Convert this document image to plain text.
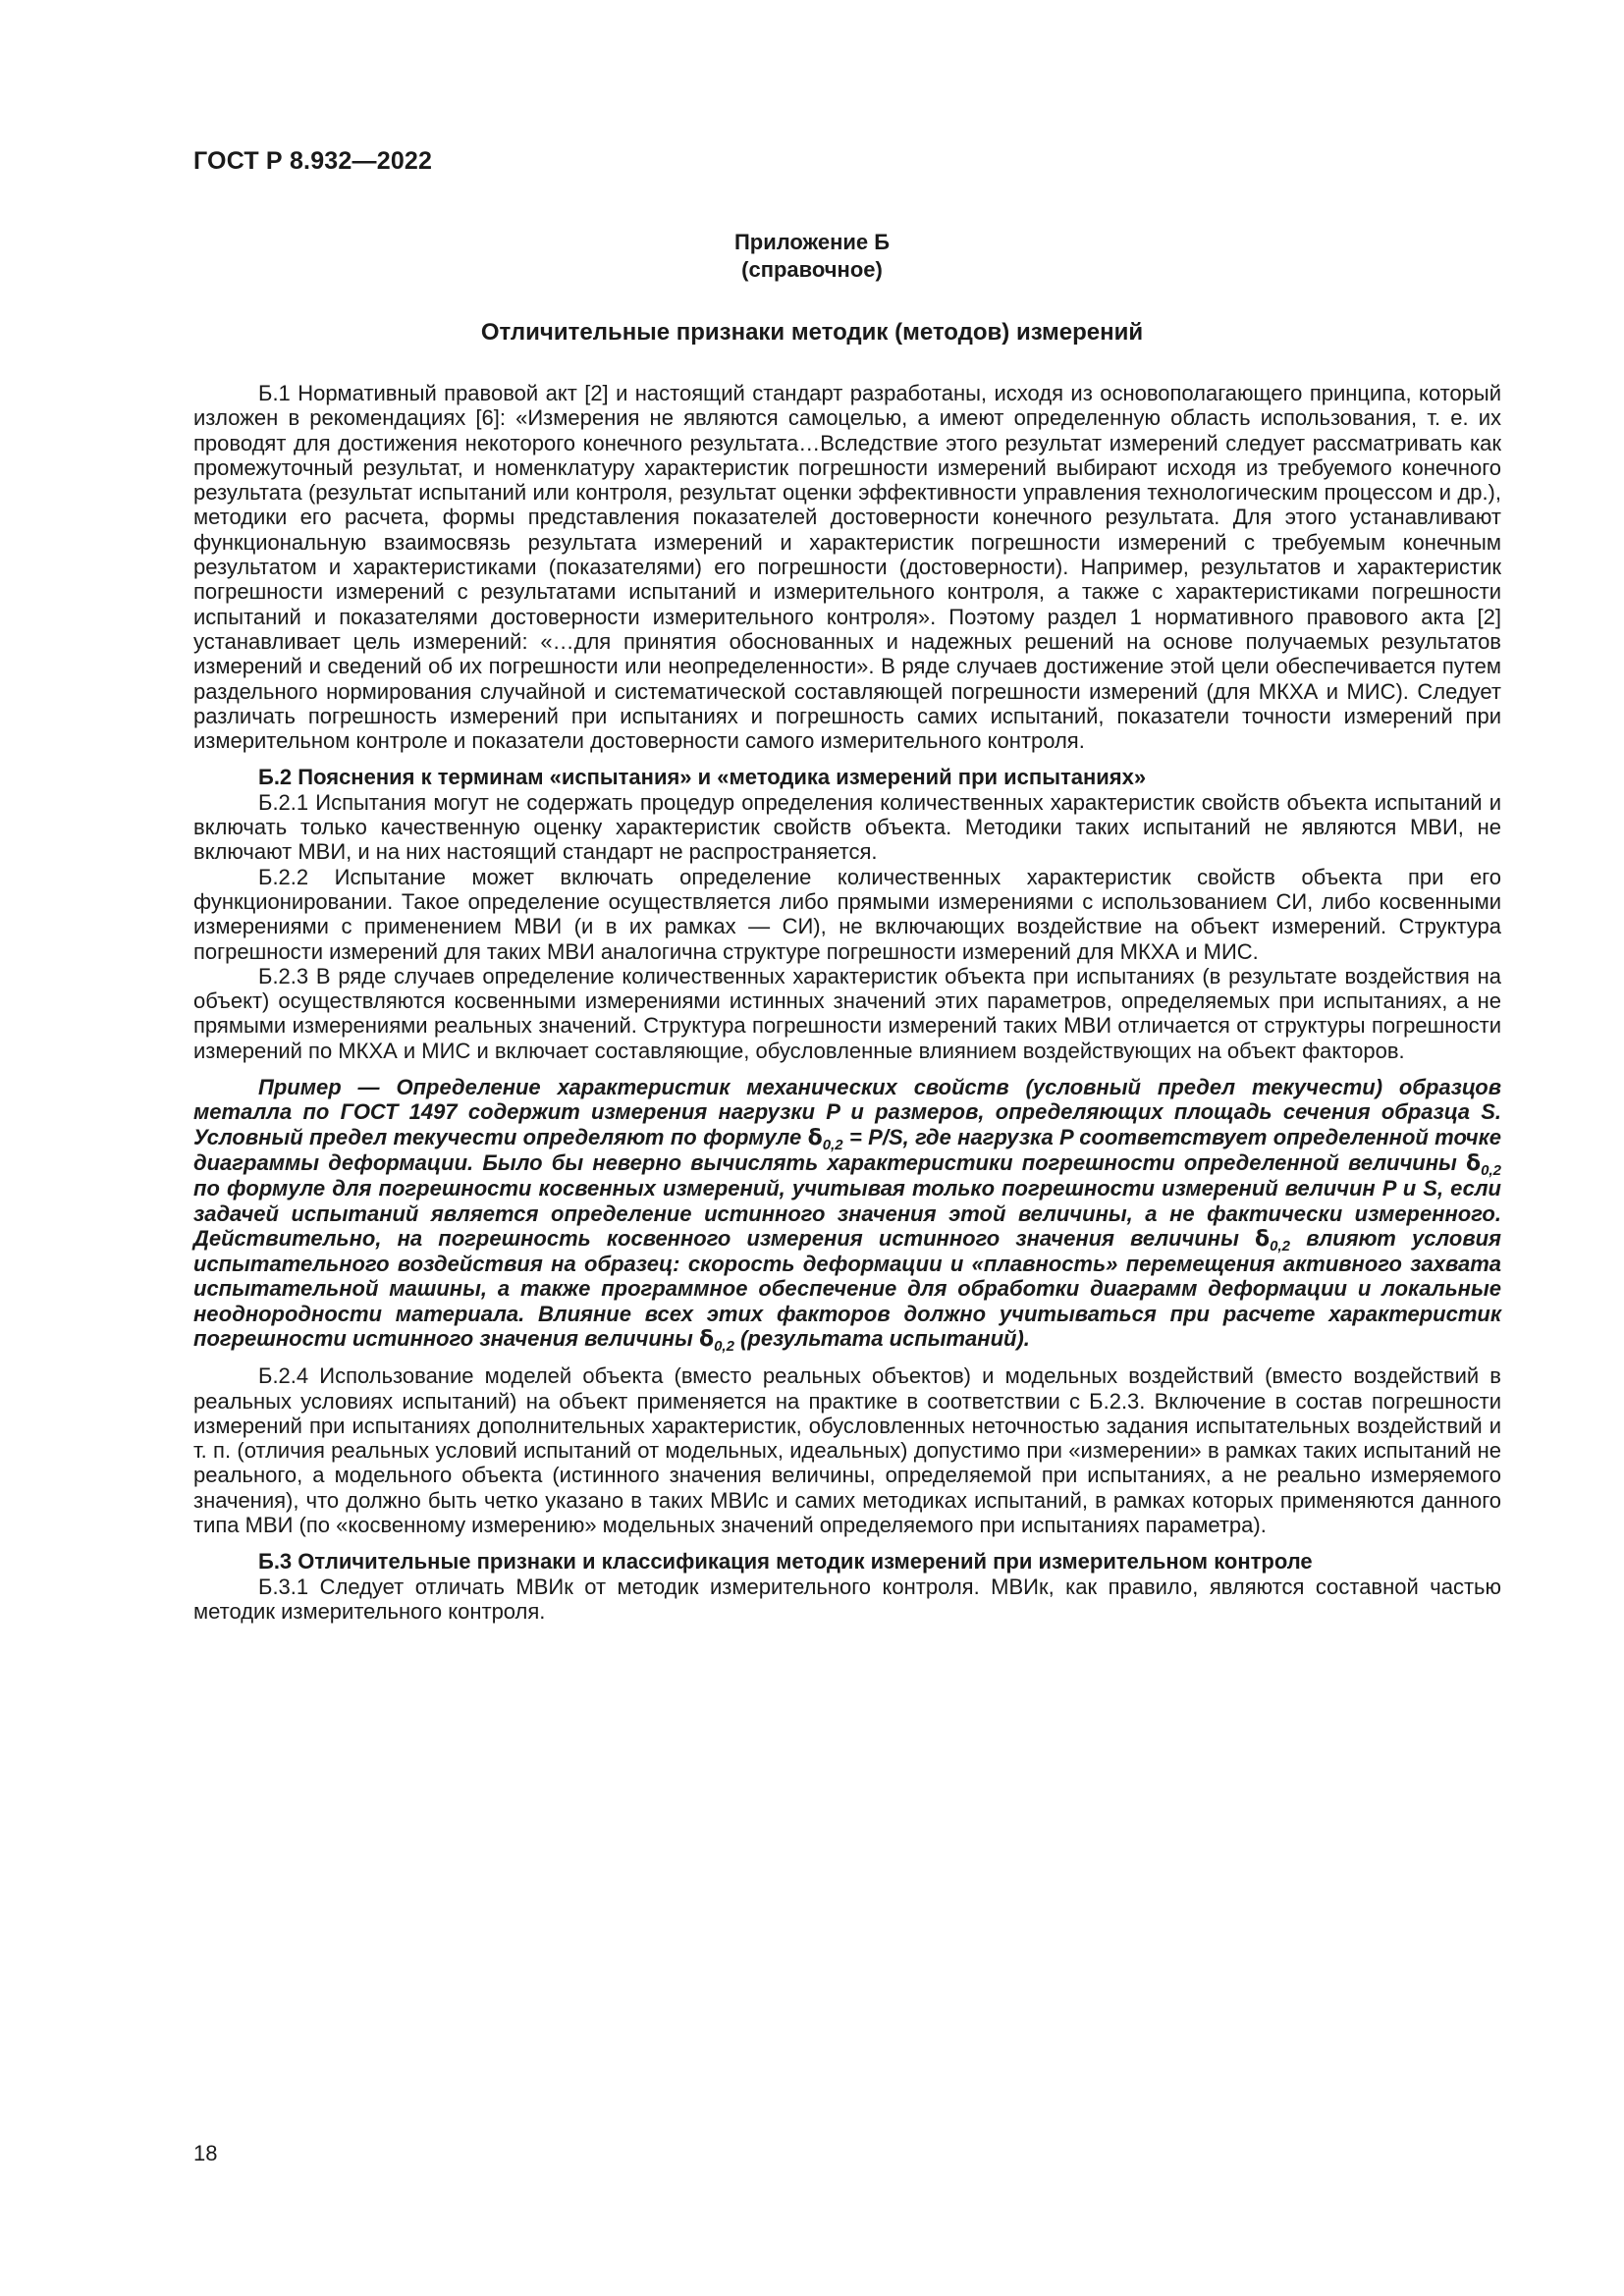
ГОСТ Р 8.932—2022
Приложение Б
(справочное)
Отличительные признаки методик (методов) измерений

Б.1 Нормативный правовой акт [2] и настоящий стандарт разработаны, исходя из основополагающего принципа, который изложен в рекомендациях [6]: «Измерения не являются самоцелью, а имеют определенную область использования, т. е. их проводят для достижения некоторого конечного результата…Вследствие этого результат измерений следует рассматривать как промежуточный результат, и номенклатуру характеристик погрешности измерений выбирают исходя из требуемого конечного результата (результат испытаний или контроля, результат оценки эффективности управления технологическим процессом и др.), методики его расчета, формы представления показателей достоверности конечного результата. Для этого устанавливают функциональную взаимосвязь результата измерений и характеристик погрешности измерений с требуемым конечным результатом и характеристиками (показателями) его погрешности (достоверности). Например, результатов и характеристик погрешности измерений с результатами испытаний и измерительного контроля, а также с характеристиками погрешности испытаний и показателями достоверности измерительного контроля». Поэтому раздел 1 нормативного правового акта [2] устанавливает цель измерений: «…для принятия обоснованных и надежных решений на основе получаемых результатов измерений и сведений об их погрешности или неопределенности». В ряде случаев достижение этой цели обеспечивается путем раздельного нормирования случайной и систематической составляющей погрешности измерений (для МКХА и МИС). Следует различать погрешность измерений при испытаниях и погрешность самих испытаний, показатели точности измерений при измерительном контроле и показатели достоверности самого измерительного контроля.

Б.2 Пояснения к терминам «испытания» и «методика измерений при испытаниях»

Б.2.1 Испытания могут не содержать процедур определения количественных характеристик свойств объекта испытаний и включать только качественную оценку характеристик свойств объекта. Методики таких испытаний не являются МВИ, не включают МВИ, и на них настоящий стандарт не распространяется.

Б.2.2 Испытание может включать определение количественных характеристик свойств объекта при его функционировании. Такое определение осуществляется либо прямыми измерениями с использованием СИ, либо косвенными измерениями с применением МВИ (и в их рамках — СИ), не включающих воздействие на объект измерений. Структура погрешности измерений для таких МВИ аналогична структуре погрешности измерений для МКХА и МИС.

Б.2.3 В ряде случаев определение количественных характеристик объекта при испытаниях (в результате воздействия на объект) осуществляются косвенными измерениями истинных значений этих параметров, определяемых при испытаниях, а не прямыми измерениями реальных значений. Структура погрешности измерений таких МВИ отличается от структуры погрешности измерений по МКХА и МИС и включает составляющие, обусловленные влиянием воздействующих на объект факторов.

Пример — Определение характеристик механических свойств (условный предел текучести) образцов металла по ГОСТ 1497 содержит измерения нагрузки P и размеров, определяющих площадь сечения образца S. Условный предел текучести определяют по формуле $\delta_{0,2} = P/S$, где нагрузка P соответствует определенной точке диаграммы деформации. Было бы неверно вычислять характеристики погрешности определенной величины $\delta_{0,2}$ по формуле для погрешности косвенных измерений, учитывая только погрешности измерений величин P и S, если задачей испытаний является определение истинного значения этой величины, а не фактически измеренного. Действительно, на погрешность косвенного измерения истинного значения величины $\delta_{0,2}$ влияют условия испытательного воздействия на образец: скорость деформации и «плавность» перемещения активного захвата испытательной машины, а также программное обеспечение для обработки диаграмм деформации и локальные неоднородности материала. Влияние всех этих факторов должно учитываться при расчете характеристик погрешности истинного значения величины $\delta_{0,2}$ (результата испытаний).

Б.2.4 Использование моделей объекта (вместо реальных объектов) и модельных воздействий (вместо воздействий в реальных условиях испытаний) на объект применяется на практике в соответствии с Б.2.3. Включение в состав погрешности измерений при испытаниях дополнительных характеристик, обусловленных неточностью задания испытательных воздействий и т. п. (отличия реальных условий испытаний от модельных, идеальных) допустимо при «измерении» в рамках таких испытаний не реального, а модельного объекта (истинного значения величины, определяемой при испытаниях, а не реально измеряемого значения), что должно быть четко указано в таких МВИс и самих методиках испытаний, в рамках которых применяются данного типа МВИ (по «косвенному измерению» модельных значений определяемого при испытаниях параметра).

Б.3 Отличительные признаки и классификация методик измерений при измерительном контроле

Б.3.1 Следует отличать МВИк от методик измерительного контроля. МВИк, как правило, являются составной частью методик измерительного контроля.

18
